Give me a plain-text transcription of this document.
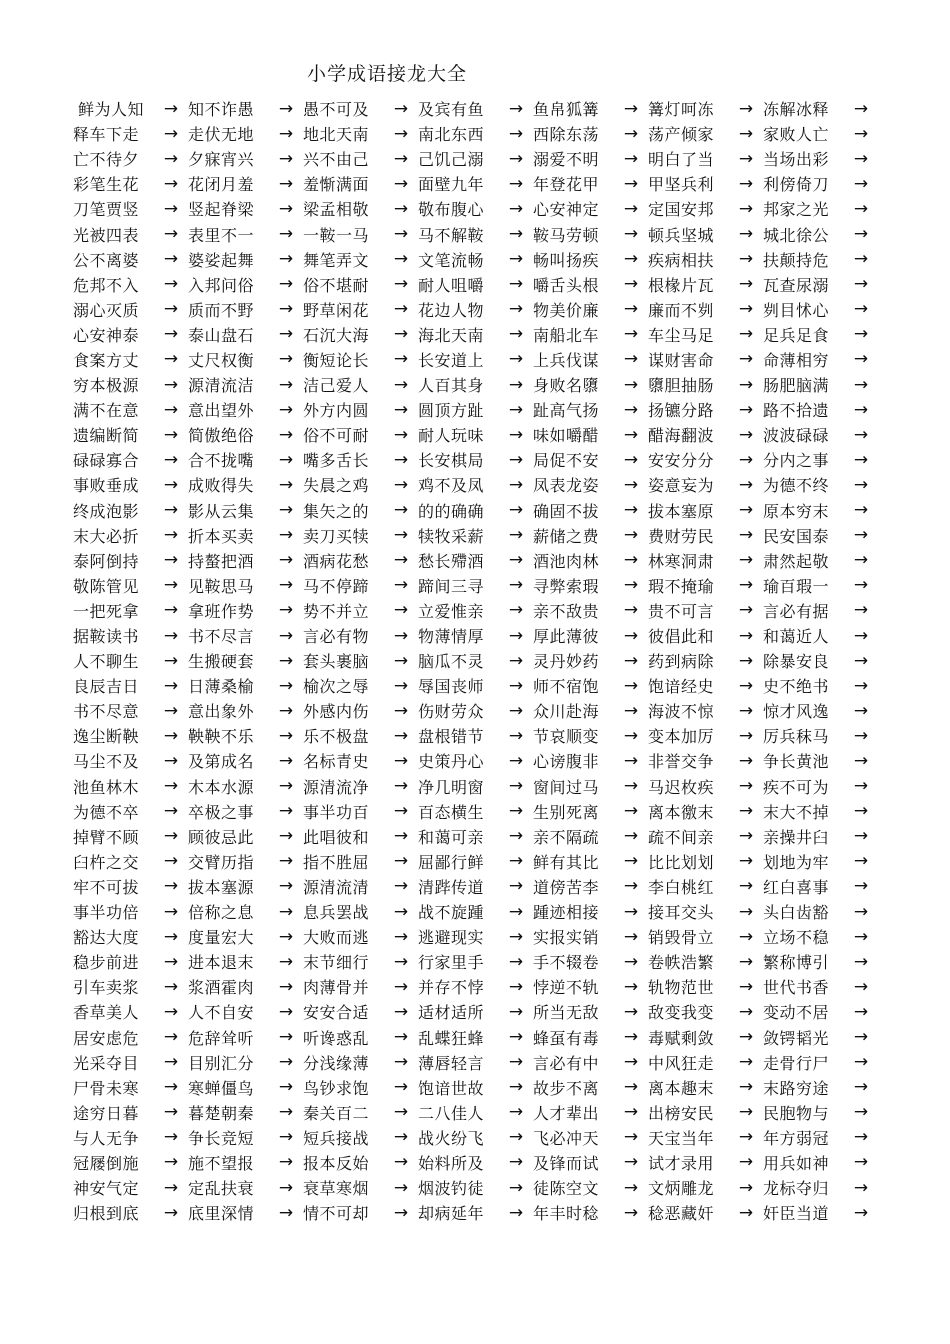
小学成语接龙大全
鲜为人知	→ 知不诈愚	→ 愚不可及	→ 及宾有鱼	→ 鱼帛狐篝	→ 篝灯呵冻	→ 冻解冰释	→
释车下走	→ 走伏无地	→ 地北天南	→ 南北东西	→ 西除东荡	→ 荡产倾家	→ 家败人亡	→
亡不待夕	→ 夕寐宵兴	→ 兴不由己	→ 己饥己溺	→ 溺爱不明	→ 明白了当	→ 当场出彩	→
彩笔生花	→ 花闭月羞	→ 羞惭满面	→ 面壁九年	→ 年登花甲	→ 甲坚兵利	→ 利傍倚刀	→
刀笔贾竖	→ 竖起脊梁	→ 梁孟相敬	→ 敬布腹心	→ 心安神定	→ 定国安邦	→ 邦家之光	→
光被四表	→ 表里不一	→ 一鞍一马	→ 马不解鞍	→ 鞍马劳顿	→ 顿兵坚城	→ 城北徐公	→
公不离婆	→ 婆娑起舞	→ 舞笔弄文	→ 文笔流畅	→ 畅叫扬疾	→ 疾病相扶	→ 扶颠持危	→
危邦不入	→ 入邦问俗	→ 俗不堪耐	→ 耐人咀嚼	→ 嚼舌头根	→ 根椽片瓦	→ 瓦查尿溺	→
溺心灭质	→ 质而不野	→ 野草闲花	→ 花边人物	→ 物美价廉	→ 廉而不刿	→ 刿目怵心	→
心安神泰	→ 泰山盘石	→ 石沉大海	→ 海北天南	→ 南船北车	→ 车尘马足	→ 足兵足食	→
食案方丈	→ 丈尺权衡	→ 衡短论长	→ 长安道上	→ 上兵伐谋	→ 谋财害命	→ 命薄相穷	→
穷本极源	→ 源清流洁	→ 洁己爱人	→ 人百其身	→ 身败名隳	→ 隳胆抽肠	→ 肠肥脑满	→
满不在意	→ 意出望外	→ 外方内圆	→ 圆顶方趾	→ 趾高气扬	→ 扬镳分路	→ 路不拾遗	→
遗编断简	→ 简傲绝俗	→ 俗不可耐	→ 耐人玩味	→ 味如嚼醋	→ 醋海翻波	→ 波波碌碌	→
碌碌寡合	→ 合不拢嘴	→ 嘴多舌长	→ 长安棋局	→ 局促不安	→ 安安分分	→ 分内之事	→
事败垂成	→ 成败得失	→ 失晨之鸡	→ 鸡不及凤	→ 凤表龙姿	→ 姿意妄为	→ 为德不终	→
终成泡影	→ 影从云集	→ 集矢之的	→ 的的确确	→ 确固不拔	→ 拔本塞原	→ 原本穷末	→
末大必折	→ 折本买卖	→ 卖刀买犊	→ 犊牧采薪	→ 薪储之费	→ 费财劳民	→ 民安国泰	→
泰阿倒持	→ 持螯把酒	→ 酒病花愁	→ 愁长殢酒	→ 酒池肉林	→ 林寒洞肃	→ 肃然起敬	→
敬陈管见	→ 见鞍思马	→ 马不停蹄	→ 蹄间三寻	→ 寻弊索瑕	→ 瑕不掩瑜	→ 瑜百瑕一	→
一把死拿	→ 拿班作势	→ 势不并立	→ 立爱惟亲	→ 亲不敌贵	→ 贵不可言	→ 言必有据	→
据鞍读书	→ 书不尽言	→ 言必有物	→ 物薄情厚	→ 厚此薄彼	→ 彼倡此和	→ 和蔼近人	→
人不聊生	→ 生搬硬套	→ 套头裹脑	→ 脑瓜不灵	→ 灵丹妙药	→ 药到病除	→ 除暴安良	→
良辰吉日	→ 日薄桑榆	→ 榆次之辱	→ 辱国丧师	→ 师不宿饱	→ 饱谙经史	→ 史不绝书	→
书不尽意	→ 意出象外	→ 外感内伤	→ 伤财劳众	→ 众川赴海	→ 海波不惊	→ 惊才风逸	→
逸尘断鞅	→ 鞅鞅不乐	→ 乐不极盘	→ 盘根错节	→ 节哀顺变	→ 变本加厉	→ 厉兵秣马	→
马尘不及	→ 及第成名	→ 名标青史	→ 史策丹心	→ 心谤腹非	→ 非誉交争	→ 争长黄池	→
池鱼林木	→ 木本水源	→ 源清流净	→ 净几明窗	→ 窗间过马	→ 马迟枚疾	→ 疾不可为	→
为德不卒	→ 卒极之事	→ 事半功百	→ 百态横生	→ 生别死离	→ 离本徼末	→ 末大不掉	→
掉臂不顾	→ 顾彼忌此	→ 此唱彼和	→ 和蔼可亲	→ 亲不隔疏	→ 疏不间亲	→ 亲操井臼	→
臼杵之交	→ 交臂历指	→ 指不胜屈	→ 屈鄙行鲜	→ 鲜有其比	→ 比比划划	→ 划地为牢	→
牢不可拔	→ 拔本塞源	→ 源清流清	→ 清跸传道	→ 道傍苦李	→ 李白桃红	→ 红白喜事	→
事半功倍	→ 倍称之息	→ 息兵罢战	→ 战不旋踵	→ 踵迹相接	→ 接耳交头	→ 头白齿豁	→
豁达大度	→ 度量宏大	→ 大败而逃	→ 逃避现实	→ 实报实销	→ 销毁骨立	→ 立场不稳	→
稳步前进	→ 进本退末	→ 末节细行	→ 行家里手	→ 手不辍卷	→ 卷帙浩繁	→ 繁称博引	→
引车卖浆	→ 浆酒霍肉	→ 肉薄骨并	→ 并存不悖	→ 悖逆不轨	→ 轨物范世	→ 世代书香	→
香草美人	→ 人不自安	→ 安安合适	→ 适材适所	→ 所当无敌	→ 敌变我变	→ 变动不居	→
居安虑危	→ 危辞耸听	→ 听谗惑乱	→ 乱蝶狂蜂	→ 蜂虿有毒	→ 毒赋剩敛	→ 敛锷韬光	→
光采夺目	→ 目别汇分	→ 分浅缘薄	→ 薄唇轻言	→ 言必有中	→ 中风狂走	→ 走骨行尸	→
尸骨未寒	→ 寒蝉僵鸟	→ 鸟钞求饱	→ 饱谙世故	→ 故步不离	→ 离本趣末	→ 末路穷途	→
途穷日暮	→ 暮楚朝秦	→ 秦关百二	→ 二八佳人	→ 人才辈出	→ 出榜安民	→ 民胞物与	→
与人无争	→ 争长竞短	→ 短兵接战	→ 战火纷飞	→ 飞必冲天	→ 天宝当年	→ 年方弱冠	→
冠屦倒施	→ 施不望报	→ 报本反始	→ 始料所及	→ 及锋而试	→ 试才录用	→ 用兵如神	→
神安气定	→ 定乱扶衰	→ 衰草寒烟	→ 烟波钓徒	→ 徒陈空文	→ 文炳雕龙	→ 龙标夺归	→
归根到底	→ 底里深情	→ 情不可却	→ 却病延年	→ 年丰时稔	→ 稔恶藏奸	→ 奸臣当道	→
